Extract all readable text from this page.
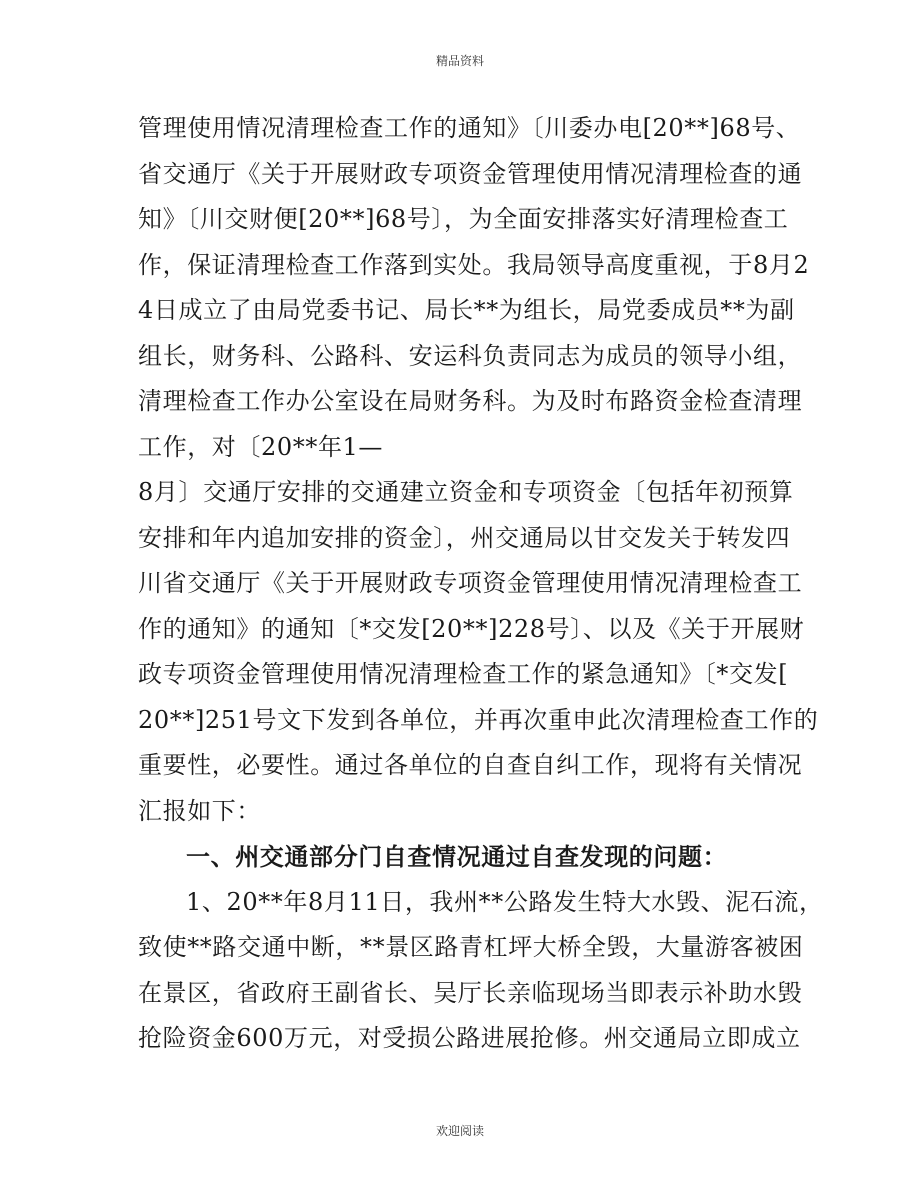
精品资料
管理使用情况清理检查工作的通知》〔川委办电[20**]68号、
省交通厅《关于开展财政专项资金管理使用情况清理检查的通
知》〔川交财便[20**]68号〕，为全面安排落实好清理检查工
作，保证清理检查工作落到实处。我局领导高度重视，于8月2
4日成立了由局党委书记、局长**为组长，局党委成员**为副
组长，财务科、公路科、安运科负责同志为成员的领导小组，
清理检查工作办公室设在局财务科。为及时布路资金检查清理
工作，对〔20**年1—
8月〕交通厅安排的交通建立资金和专项资金〔包括年初预算
安排和年内追加安排的资金〕，州交通局以甘交发关于转发四
川省交通厅《关于开展财政专项资金管理使用情况清理检查工
作的通知》的通知〔*交发[20**]228号〕、以及《关于开展财
政专项资金管理使用情况清理检查工作的紧急通知》〔*交发[
20**]251号文下发到各单位，并再次重申此次清理检查工作的
重要性，必要性。通过各单位的自查自纠工作，现将有关情况
汇报如下：
一、州交通部分门自查情况通过自查发现的问题：
1、20**年8月11日，我州**公路发生特大水毁、泥石流，
致使**路交通中断，**景区路青杠坪大桥全毁，大量游客被困
在景区，省政府王副省长、吴厅长亲临现场当即表示补助水毁
抢险资金600万元，对受损公路进展抢修。州交通局立即成立
欢迎阅读
